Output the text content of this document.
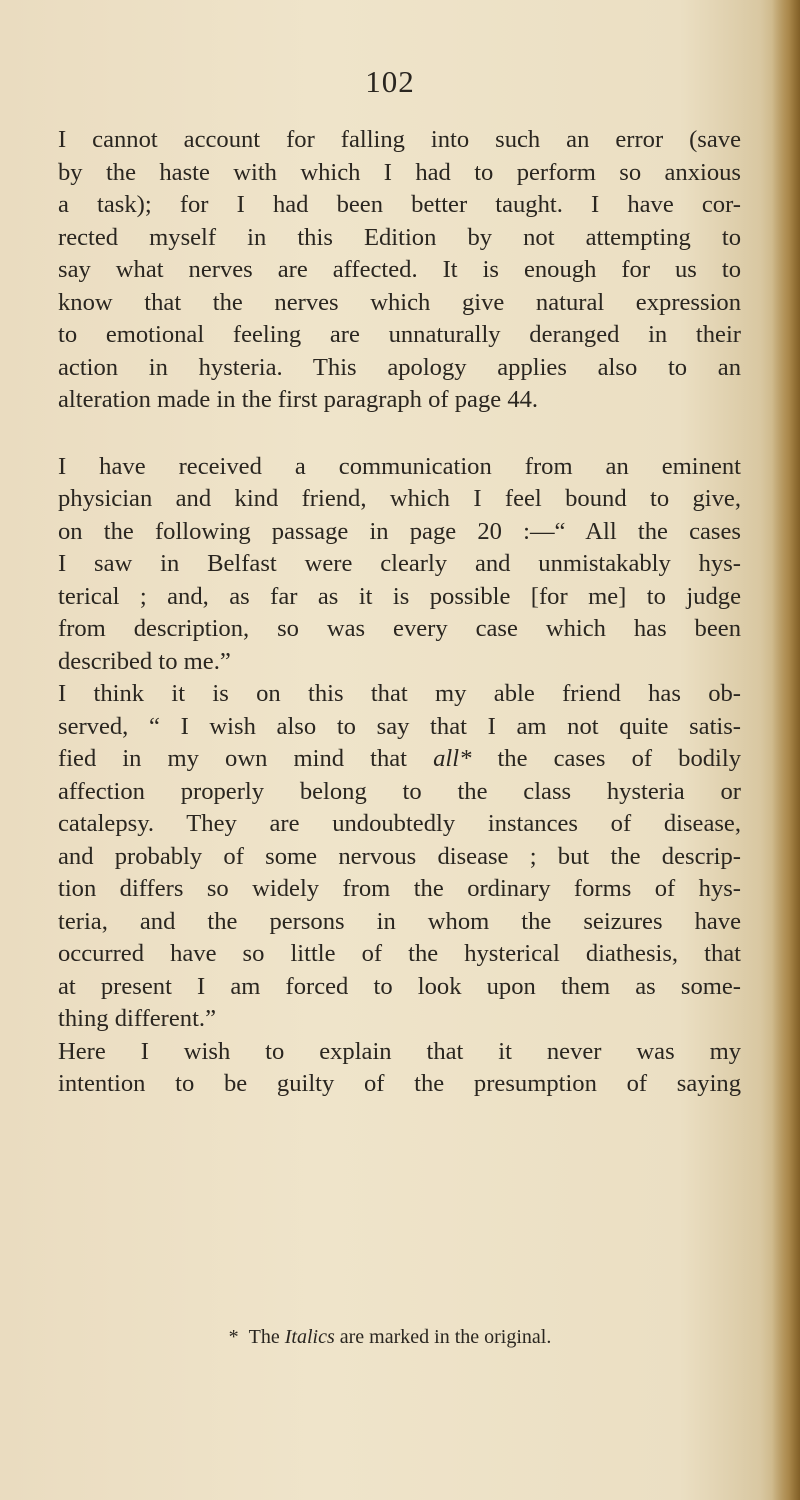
102
I cannot account for falling into such an error (save
by the haste with which I had to perform so anxious
a task); for I had been better taught. I have cor-
rected myself in this Edition by not attempting to
say what nerves are affected. It is enough for us to
know that the nerves which give natural expression
to emotional feeling are unnaturally deranged in their
action in hysteria. This apology applies also to an
alteration made in the first paragraph of page 44.
I have received a communication from an eminent
physician and kind friend, which I feel bound to give,
on the following passage in page 20 :—“ All the cases
I saw in Belfast were clearly and unmistakably hys-
terical ; and, as far as it is possible [for me] to judge
from description, so was every case which has been
described to me.”
I think it is on this that my able friend has ob-
served, “ I wish also to say that I am not quite satis-
fied in my own mind that all* the cases of bodily
affection properly belong to the class hysteria or
catalepsy. They are undoubtedly instances of disease,
and probably of some nervous disease ; but the descrip-
tion differs so widely from the ordinary forms of hys-
teria, and the persons in whom the seizures have
occurred have so little of the hysterical diathesis, that
at present I am forced to look upon them as some-
thing different.”
Here I wish to explain that it never was my
intention to be guilty of the presumption of saying
* The Italics are marked in the original.
